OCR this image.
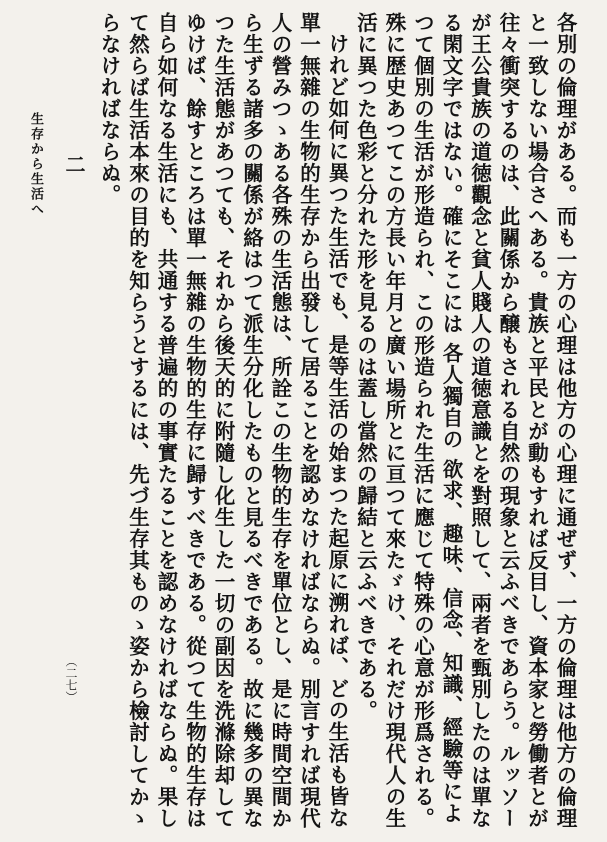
各別の倫理がある。而も一方の心理は他方の心理に通ぜず、一方の倫理は他方の倫理と一致しない場合さへある。貴族と平民とが動もすれば反目し、資本家と勞働者とが往々衝突するのは、此關係から醸もされる自然の現象と云ふべきであらう。ルッソーが王公貴族の道徳觀念と貧人賤人の道徳意識とを對照して、兩者を甄別したのは單なる閑文字ではない。確にそこには 各人獨自の 欲求、趣味、信念、知識、經驗等によつて個別の生活が形造られ、この形造られた生活に應じて特殊の心意が形爲される。殊に歴史あつてこの方長い年月と廣い場所とに亘つて來たゞけ、それだけ現代人の生活に異つた色彩と分れた形を見るのは蓋し當然の歸結と云ふべきである。

けれど如何に異つた生活でも、是等生活の始まつた起原に溯れば、どの生活も皆な單一無雜の生物的生存から出發して居ることを認めなければならぬ。別言すれば現代人の營みつゝある各殊の生活態は、所詮この生物的生存を單位とし、是に時間空間から生ずる諸多の關係が絡はつて派生分化したものと見るべきである。故に幾多の異なつた生活態があつても、それから後天的に附隨し化生した一切の副因を洗滌除却してゆけば、餘すところは單一無雜の生物的生存に歸すべきである。從つて生物的生存は自ら如何なる生活にも、共通する普遍的の事實たることを認めなければならぬ。果して然らば生活本來の目的を知らうとするには、先づ生存其ものゝ姿から檢討してかゝらなければならぬ。

生存から生活へ 二
（二七）
